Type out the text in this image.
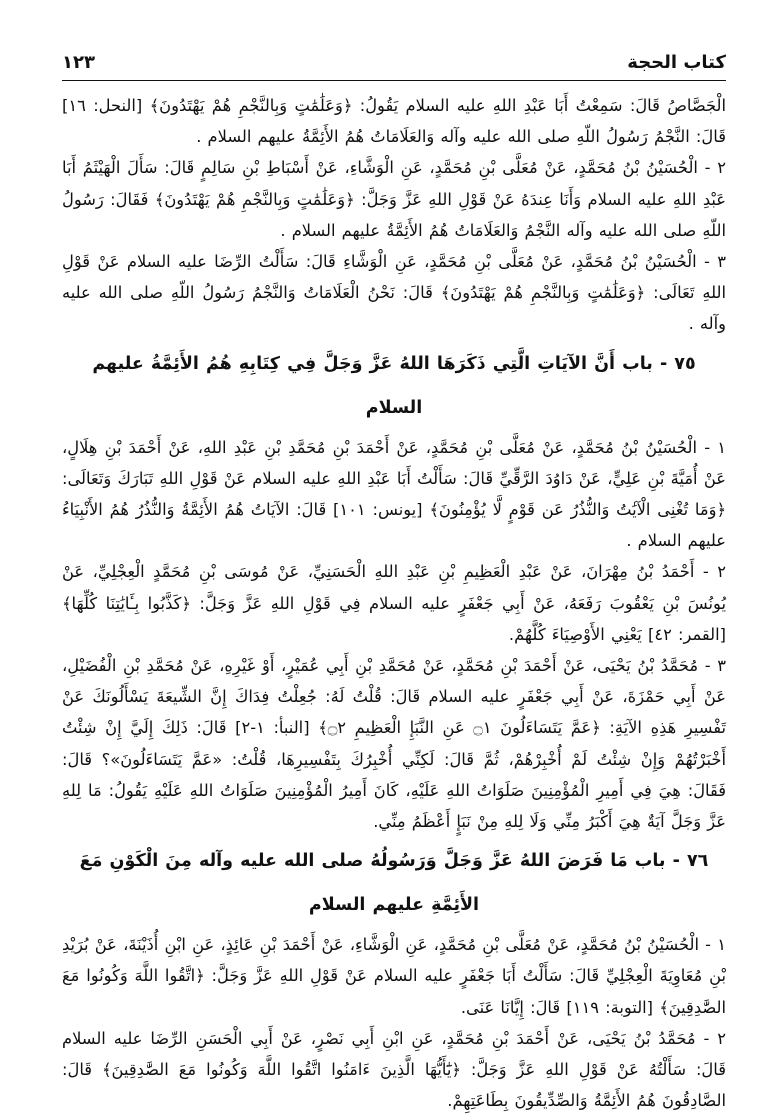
كتاب الحجة
١٢٣

الْجَصَّاصُ قَالَ: سَمِعْتُ أَبَا عَبْدِ اللهِ عليه السلام يَقُولُ: ﴿وَعَلَٰمَٰتٍ وَبِالنَّجْمِ هُمْ يَهْتَدُونَ﴾ [النحل: ١٦] قَالَ: النَّجْمُ رَسُولُ اللّهِ صلى الله عليه وآله وَالعَلَامَاتُ هُمُ الأَئِمَّةُ عليهم السلام .

٢ - الْحُسَيْنُ بْنُ مُحَمَّدٍ، عَنْ مُعَلَّى بْنِ مُحَمَّدٍ، عَنِ الْوَشَّاءِ، عَنْ أَسْبَاطِ بْنِ سَالِمٍ قَالَ: سَأَلَ الْهَيْثَمُ أَبَا عَبْدِ اللهِ عليه السلام وَأَنَا عِندَهُ عَنْ قَوْلِ اللهِ عَزَّ وَجَلَّ: ﴿وَعَلَٰمَٰتٍ وَبِالنَّجْمِ هُمْ يَهْتَدُونَ﴾ فَقَالَ: رَسُولُ اللّهِ صلى الله عليه وآله النَّجْمُ وَالعَلَامَاتُ هُمُ الأَئِمَّةُ عليهم السلام .

٣ - الْحُسَيْنُ بْنُ مُحَمَّدٍ، عَنْ مُعَلَّى بْنِ مُحَمَّدٍ، عَنِ الْوَشَّاءِ قَالَ: سَأَلْتُ الرِّضَا عليه السلام عَنْ قَوْلِ اللهِ تَعَالَى: ﴿وَعَلَٰمَٰتٍ وَبِالنَّجْمِ هُمْ يَهْتَدُونَ﴾ قَالَ: نَحْنُ الْعَلَامَاتُ وَالنَّجْمُ رَسُولُ اللّهِ صلى الله عليه وآله .

٧٥ - باب أَنَّ الآيَاتِ الَّتِي ذَكَرَهَا اللهُ عَزَّ وَجَلَّ فِي كِتَابِهِ هُمُ الأَئِمَّةُ عليهم السلام

١ - الْحُسَيْنُ بْنُ مُحَمَّدٍ، عَنْ مُعَلَّى بْنِ مُحَمَّدٍ، عَنْ أَحْمَدَ بْنِ مُحَمَّدِ بْنِ عَبْدِ اللهِ، عَنْ أَحْمَدَ بْنِ هِلَالٍ، عَنْ أُمَيَّةَ بْنِ عَلِيٍّ، عَنْ دَاوُدَ الرَّقِّيِّ قَالَ: سَأَلْتُ أَبَا عَبْدِ اللهِ عليه السلام عَنْ قَوْلِ اللهِ تَبَارَكَ وَتَعَالَى: ﴿وَمَا تُغْنِى الْآيَٰتُ وَالنُّذُرُ عَن قَوْمٍ لَّا يُؤْمِنُونَ﴾ [يونس: ١٠١] قَالَ: الآيَاتُ هُمُ الأَئِمَّةُ وَالنُّذُرُ هُمُ الأَنْبِيَاءُ عليهم السلام .

٢ - أَحْمَدُ بْنُ مِهْرَانَ، عَنْ عَبْدِ الْعَظِيمِ بْنِ عَبْدِ اللهِ الْحَسَنِيِّ، عَنْ مُوسَى بْنِ مُحَمَّدٍ الْعِجْلِيِّ، عَنْ يُونُسَ بْنِ يَعْقُوبَ رَفَعَهُ، عَنْ أَبِي جَعْفَرٍ عليه السلام فِي قَوْلِ اللهِ عَزَّ وَجَلَّ: ﴿كَذَّبُوا بِـَٔايَٰتِنَا كُلِّهَا﴾ [القمر: ٤٢] يَعْنِي الأَوْصِيَاءَ كُلَّهُمْ.

٣ - مُحَمَّدُ بْنُ يَحْيَى، عَنْ أَحْمَدَ بْنِ مُحَمَّدٍ، عَنْ مُحَمَّدِ بْنِ أَبِي عُمَيْرٍ، أَوْ غَيْرِهِ، عَنْ مُحَمَّدِ بْنِ الْفُضَيْلِ، عَنْ أَبِي حَمْزَةَ، عَنْ أَبِي جَعْفَرٍ عليه السلام قَالَ: قُلْتُ لَهُ: جُعِلْتُ فِدَاكَ إِنَّ الشِّيعَةَ يَسْأَلُونَكَ عَنْ تَفْسِيرِ هَذِهِ الآيَةِ: ﴿عَمَّ يَتَسَاءَلُونَ ۝١ عَنِ النَّبَإِ الْعَظِيمِ ۝٢﴾ [النبأ: ١-٢] قَالَ: ذَلِكَ إِلَيَّ إِنْ شِئْتُ أَخْبَرْتُهُمْ وَإِنْ شِئْتُ لَمْ أُخْبِرْهُمْ، ثُمَّ قَالَ: لَكِنِّي أُخْبِرُكَ بِتَفْسِيرِهَا، قُلْتُ: «عَمَّ يَتَسَاءَلُونَ»؟ قَالَ: فَقَالَ: هِيَ فِي أَمِيرِ الْمُؤْمِنِينَ صَلَوَاتُ اللهِ عَلَيْهِ، كَانَ أَمِيرُ الْمُؤْمِنِينَ صَلَوَاتُ اللهِ عَلَيْهِ يَقُولُ: مَا لِلهِ عَزَّ وَجَلَّ آيَةٌ هِيَ أَكْبَرُ مِنِّي وَلَا لِلهِ مِنْ نَبَإٍ أَعْظَمُ مِنِّي.

٧٦ - باب مَا فَرَضَ اللهُ عَزَّ وَجَلَّ وَرَسُولُهُ صلى الله عليه وآله مِنَ الْكَوْنِ مَعَ الأَئِمَّةِ عليهم السلام

١ - الْحُسَيْنُ بْنُ مُحَمَّدٍ، عَنْ مُعَلَّى بْنِ مُحَمَّدٍ، عَنِ الْوَشَّاءِ، عَنْ أَحْمَدَ بْنِ عَائِذٍ، عَنِ ابْنِ أُذَيْنَةَ، عَنْ بُرَيْدِ بْنِ مُعَاوِيَةَ الْعِجْلِيِّ قَالَ: سَأَلْتُ أَبَا جَعْفَرٍ عليه السلام عَنْ قَوْلِ اللهِ عَزَّ وَجَلَّ: ﴿اتَّقُوا اللَّهَ وَكُونُوا مَعَ الصَّٰدِقِينَ﴾ [التوبة: ١١٩] قَالَ: إِيَّانَا عَنَى.

٢ - مُحَمَّدُ بْنُ يَحْيَى، عَنْ أَحْمَدَ بْنِ مُحَمَّدٍ، عَنِ ابْنِ أَبِي نَصْرٍ، عَنْ أَبِي الْحَسَنِ الرِّضَا عليه السلام قَالَ: سَأَلْتُهُ عَنْ قَوْلِ اللهِ عَزَّ وَجَلَّ: ﴿يَٰٓأَيُّهَا الَّذِينَ ءَامَنُوا اتَّقُوا اللَّهَ وَكُونُوا مَعَ الصَّٰدِقِينَ﴾ قَالَ: الصَّادِقُونَ هُمُ الأَئِمَّةُ وَالصِّدِّيقُونَ بِطَاعَتِهِمْ.
